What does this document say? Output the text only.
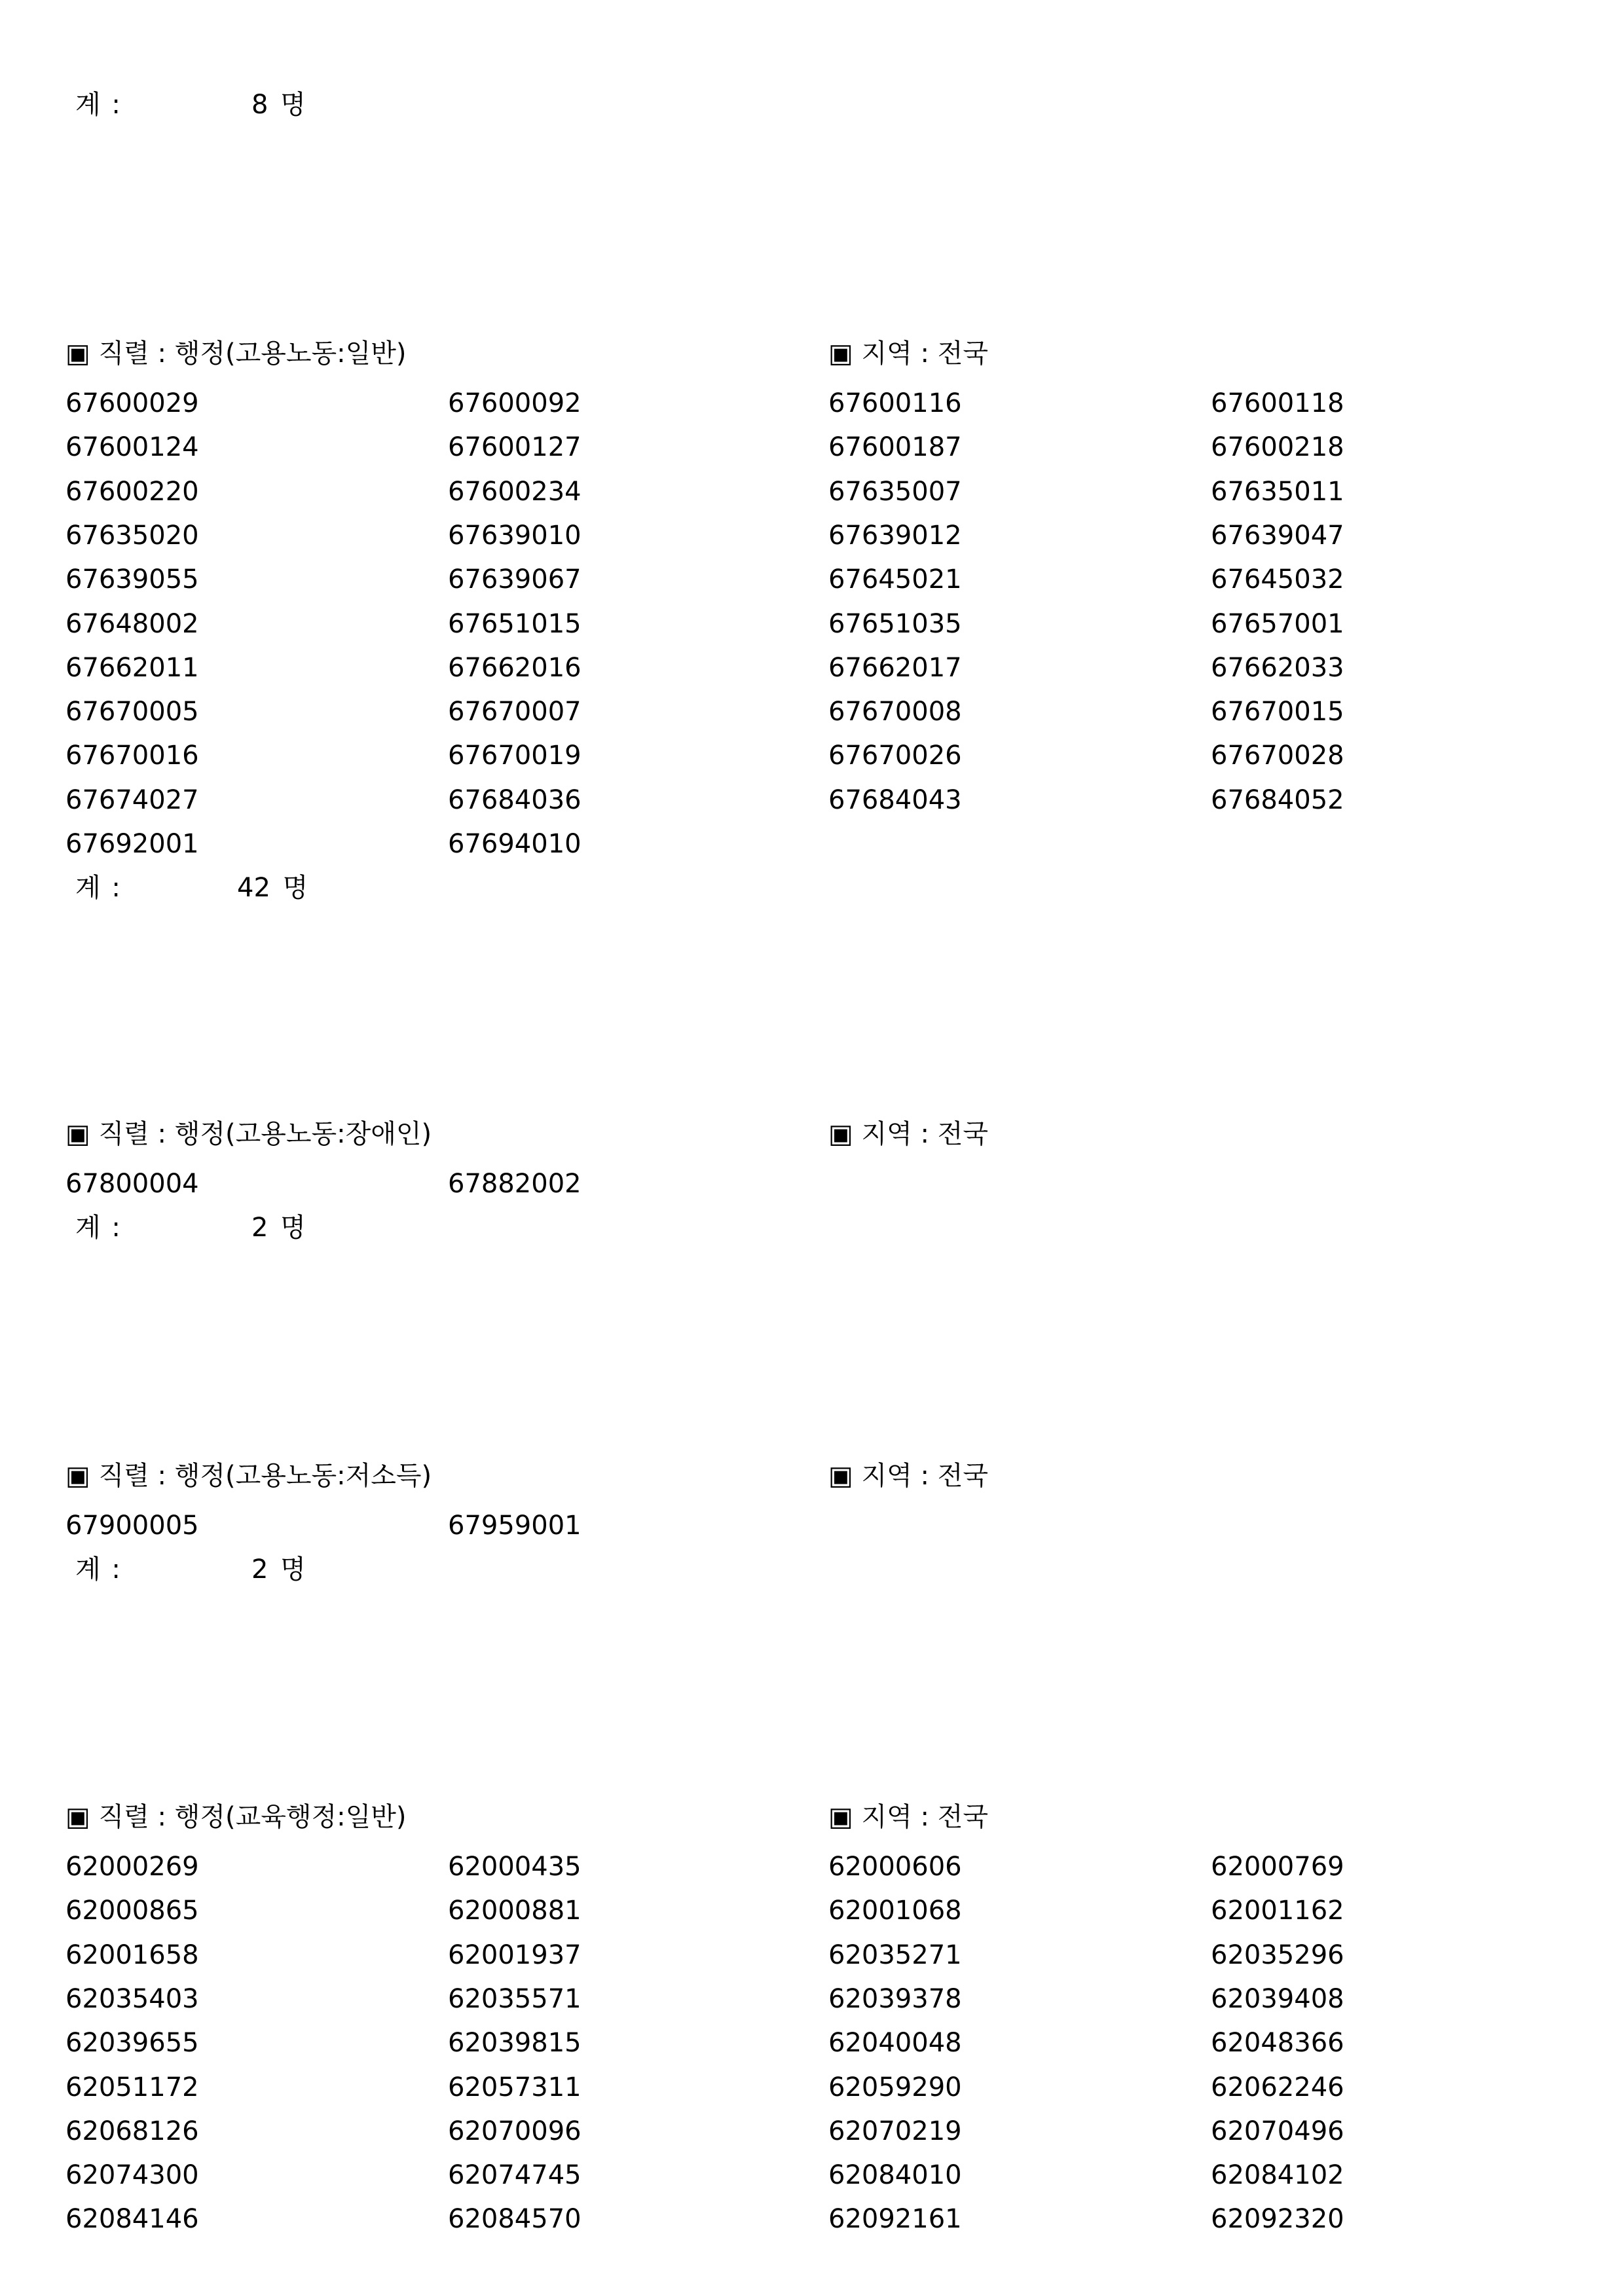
계 :	8 명
▣ 직렬 : 행정(고용노동:일반)	▣ 지역 : 전국
67600029	67600092	67600116	67600118
67600124	67600127	67600187	67600218
67600220	67600234	67635007	67635011
67635020	67639010	67639012	67639047
67639055	67639067	67645021	67645032
67648002	67651015	67651035	67657001
67662011	67662016	67662017	67662033
67670005	67670007	67670008	67670015
67670016	67670019	67670026	67670028
67674027	67684036	67684043	67684052
67692001	67694010
계 :	42 명
▣ 직렬 : 행정(고용노동:장애인)	▣ 지역 : 전국
67800004	67882002
계 :	2 명
▣ 직렬 : 행정(고용노동:저소득)	▣ 지역 : 전국
67900005	67959001
계 :	2 명
▣ 직렬 : 행정(교육행정:일반)	▣ 지역 : 전국
62000269	62000435	62000606	62000769
62000865	62000881	62001068	62001162
62001658	62001937	62035271	62035296
62035403	62035571	62039378	62039408
62039655	62039815	62040048	62048366
62051172	62057311	62059290	62062246
62068126	62070096	62070219	62070496
62074300	62074745	62084010	62084102
62084146	62084570	62092161	62092320
